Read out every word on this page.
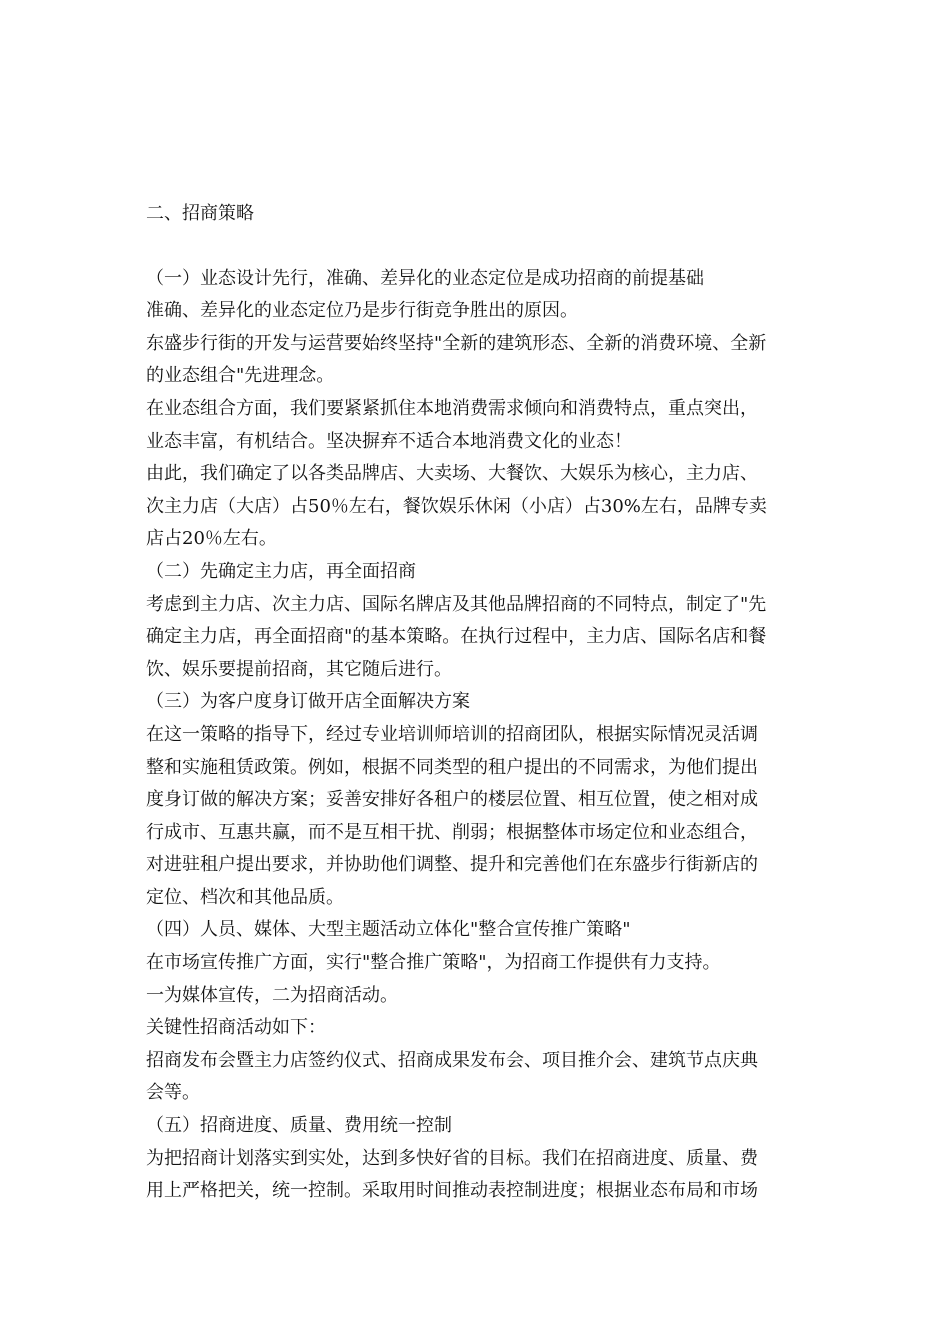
二、招商策略
（一）业态设计先行，准确、差异化的业态定位是成功招商的前提基础
准确、差异化的业态定位乃是步行街竞争胜出的原因。
东盛步行街的开发与运营要始终坚持"全新的建筑形态、全新的消费环境、全新
的业态组合"先进理念。
在业态组合方面，我们要紧紧抓住本地消费需求倾向和消费特点，重点突出，
业态丰富，有机结合。坚决摒弃不适合本地消费文化的业态！
由此，我们确定了以各类品牌店、大卖场、大餐饮、大娱乐为核心，主力店、
次主力店（大店）占50％左右，餐饮娱乐休闲（小店）占30%左右，品牌专卖
店占20％左右。
（二）先确定主力店，再全面招商
考虑到主力店、次主力店、国际名牌店及其他品牌招商的不同特点，制定了"先
确定主力店，再全面招商"的基本策略。在执行过程中，主力店、国际名店和餐
饮、娱乐要提前招商，其它随后进行。
（三）为客户度身订做开店全面解决方案
在这一策略的指导下，经过专业培训师培训的招商团队，根据实际情况灵活调
整和实施租赁政策。例如，根据不同类型的租户提出的不同需求，为他们提出
度身订做的解决方案；妥善安排好各租户的楼层位置、相互位置，使之相对成
行成市、互惠共赢，而不是互相干扰、削弱；根据整体市场定位和业态组合，
对进驻租户提出要求，并协助他们调整、提升和完善他们在东盛步行街新店的
定位、档次和其他品质。
（四）人员、媒体、大型主题活动立体化"整合宣传推广策略"
在市场宣传推广方面，实行"整合推广策略"，为招商工作提供有力支持。
一为媒体宣传，二为招商活动。
关键性招商活动如下：
招商发布会暨主力店签约仪式、招商成果发布会、项目推介会、建筑节点庆典
会等。
（五）招商进度、质量、费用统一控制
为把招商计划落实到实处，达到多快好省的目标。我们在招商进度、质量、费
用上严格把关，统一控制。采取用时间推动表控制进度；根据业态布局和市场
